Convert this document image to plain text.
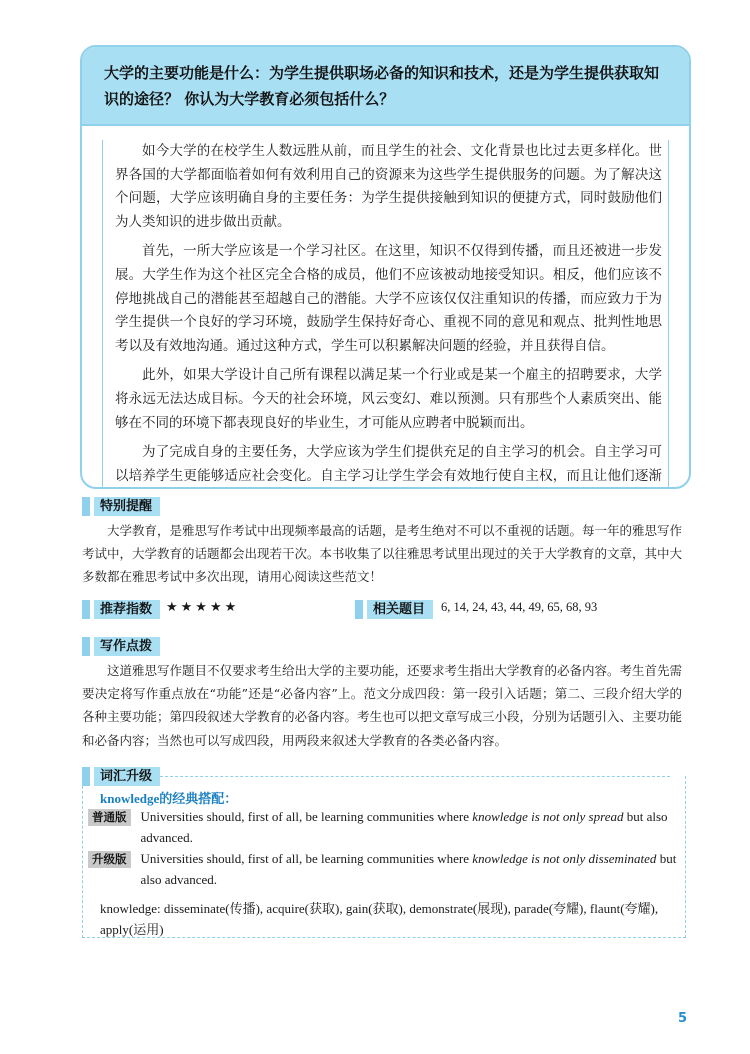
大学的主要功能是什么：为学生提供职场必备的知识和技术，还是为学生提供获取知识的途径？ 你认为大学教育必须包括什么？

如今大学的在校学生人数远胜从前，而且学生的社会、文化背景也比过去更多样化。世界各国的大学都面临着如何有效利用自己的资源来为这些学生提供服务的问题。为了解决这个问题，大学应该明确自身的主要任务：为学生提供接触到知识的便捷方式，同时鼓励他们为人类知识的进步做出贡献。

首先，一所大学应该是一个学习社区。在这里，知识不仅得到传播，而且还被进一步发展。大学生作为这个社区完全合格的成员，他们不应该被动地接受知识。相反，他们应该不停地挑战自己的潜能甚至超越自己的潜能。大学不应该仅仅注重知识的传播，而应致力于为学生提供一个良好的学习环境，鼓励学生保持好奇心、重视不同的意见和观点、批判性地思考以及有效地沟通。通过这种方式，学生可以积累解决问题的经验，并且获得自信。

此外，如果大学设计自己所有课程以满足某一个行业或是某一个雇主的招聘要求，大学将永远无法达成目标。今天的社会环境，风云变幻、难以预测。只有那些个人素质突出、能够在不同的环境下都表现良好的毕业生，才可能从应聘者中脱颖而出。

为了完成自身的主要任务，大学应该为学生们提供充足的自主学习的机会。自主学习可以培养学生更能够适应社会变化。自主学习让学生学会有效地行使自主权，而且让他们逐渐

特别提醒

大学教育，是雅思写作考试中出现频率最高的话题，是考生绝对不可以不重视的话题。每一年的雅思写作考试中，大学教育的话题都会出现若干次。本书收集了以往雅思考试里出现过的关于大学教育的文章，其中大多数都在雅思考试中多次出现，请用心阅读这些范文！

推荐指数	★★★★★	相关题目	6, 14, 24, 43, 44, 49, 65, 68, 93
写作点拨

这道雅思写作题目不仅要求考生给出大学的主要功能，还要求考生指出大学教育的必备内容。考生首先需要决定将写作重点放在“功能”还是“必备内容”上。范文分成四段：第一段引入话题；第二、三段介绍大学的各种主要功能；第四段叙述大学教育的必备内容。考生也可以把文章写成三小段，分别为话题引入、主要功能和必备内容；当然也可以写成四段，用两段来叙述大学教育的各类必备内容。

词汇升级
knowledge的经典搭配：
普通版	Universities should, first of all, be learning communities where knowledge is not only spread but also advanced.
升级版	Universities should, first of all, be learning communities where knowledge is not only disseminated but also advanced.
knowledge: disseminate(传播), acquire(获取), gain(获取), demonstrate(展现), parade(夸耀), flaunt(夸耀), apply(运用)
5
